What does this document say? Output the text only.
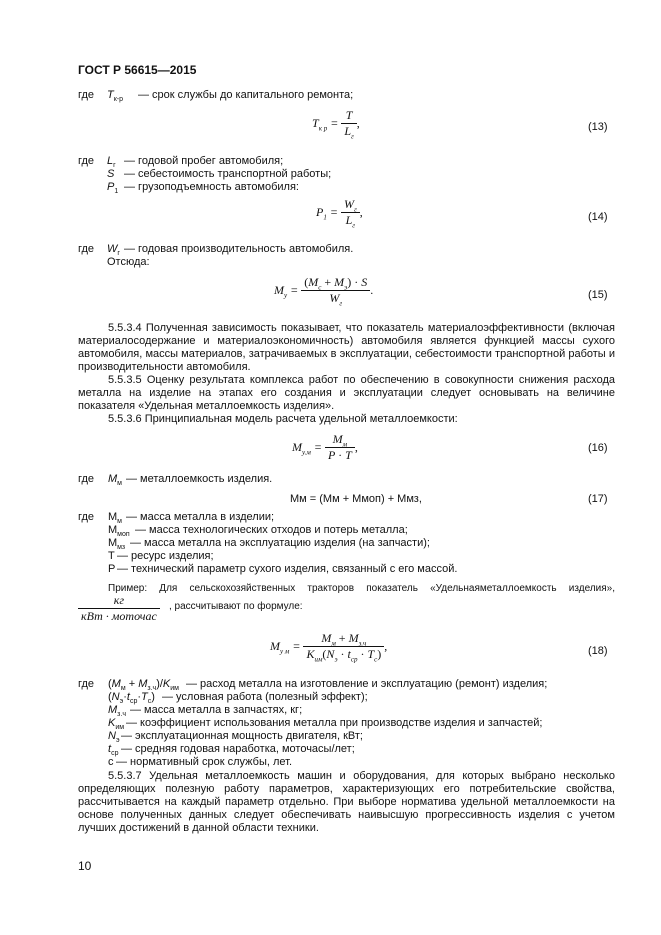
ГОСТ Р 56615—2015
где $T_{к-р}$ — срок службы до капитального ремонта;
$T_{к р} = \frac{T}{L_г}$ ,	(13)
где $L_г$ — годовой пробег автомобиля;
S — себестоимость транспортной работы;
$P_1$ — грузоподъемность автомобиля:
$P_1 = \frac{W_г}{L_г}$ ,	(14)
где $W_г$ — годовая производительность автомобиля.
Отсюда:
$M_у = \frac{(M_с + M_э) \cdot S}{W_г}$ .	(15)
5.5.3.4 Полученная зависимость показывает, что показатель материалоэффективности (включая материалосодержание и материалоэкономичность) автомобиля является функцией массы сухого автомобиля, массы материалов, затрачиваемых в эксплуатации, себестоимости транспортной работы и производительности автомобиля.
5.5.3.5 Оценку результата комплекса работ по обеспечению в совокупности снижения расхода металла на изделие на этапах его создания и эксплуатации следует основывать на величине показателя «Удельная металлоемкость изделия».
5.5.3.6 Принципиальная модель расчета удельной металлоемкости:
$M_{у.м} = \frac{M_м}{P \cdot T}$ ,	(16)
где $M_м$ — металлоемкость изделия.
Mм = (Mм + Mмоп) + Mмз,	(17)
где $M_м$ — масса металла в изделии;
$M_{моп}$ — масса технологических отходов и потерь металла;
$M_{мз}$ — масса металла на эксплуатацию изделия (на запчасти);
T — ресурс изделия;
P — технический параметр сухого изделия, связанный с его массой.
Пример: Для сельскохозяйственных тракторов показатель «Удельнаяметаллоемкость изделия»,
$\frac{кг}{\text{кВт · моточас}}$ , рассчитывают по формуле:
$M_{у м} = \frac{M_м + M_{з.ч}}{K_{им}(N_э \cdot t_{ср} \cdot T_c)}$ ,	(18)
где $(M_м + M_{з.ч})/K_{им}$ — расход металла на изготовление и эксплуатацию (ремонт) изделия;
$(N_э\cdot t_{ср}\cdot T_c)$ — условная работа (полезный эффект);
$M_{з.ч}$ — масса металла в запчастях, кг;
$K_{им}$ — коэффициент использования металла при производстве изделия и запчастей;
$N_э$ — эксплуатационная мощность двигателя, кВт;
$t_{ср}$ — средняя годовая наработка, моточасы/лет;
c — нормативный срок службы, лет.
5.5.3.7 Удельная металлоемкость машин и оборудования, для которых выбрано несколько определяющих полезную работу параметров, характеризующих его потребительские свойства, рассчитывается на каждый параметр отдельно. При выборе норматива удельной металлоемкости на основе полученных данных следует обеспечивать наивысшую прогрессивность изделия с учетом лучших достижений в данной области техники.
10
